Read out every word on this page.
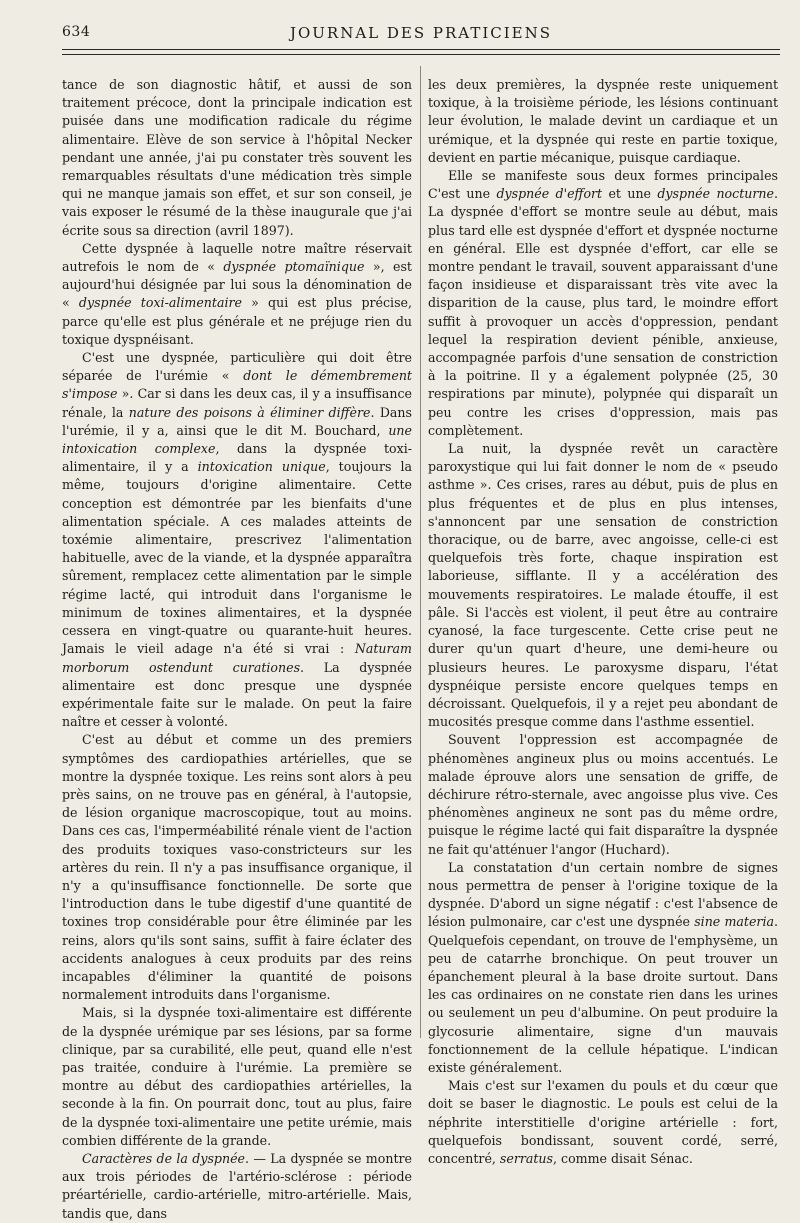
634	JOURNAL DES PRATICIENS

tance de son diagnostic hâtif, et aussi de son traitement précoce, dont la principale indication est puisée dans une modification radicale du régime alimentaire. Elève de son service à l'hôpital Necker pendant une année, j'ai pu constater très souvent les remarquables résultats d'une médication très simple qui ne manque jamais son effet, et sur son conseil, je vais exposer le résumé de la thèse inaugurale que j'ai écrite sous sa direction (avril 1897).

Cette dyspnée à laquelle notre maître réservait autrefois le nom de « dyspnée ptomaïnique », est aujourd'hui désignée par lui sous la dénomination de « dyspnée toxi-alimentaire » qui est plus précise, parce qu'elle est plus générale et ne préjuge rien du toxique dyspnéisant.

C'est une dyspnée, particulière qui doit être séparée de l'urémie « dont le démembrement s'impose ». Car si dans les deux cas, il y a insuffisance rénale, la nature des poisons à éliminer diffère. Dans l'urémie, il y a, ainsi que le dit M. Bouchard, une intoxication complexe, dans la dyspnée toxi-alimentaire, il y a intoxication unique, toujours la même, toujours d'origine alimentaire. Cette conception est démontrée par les bienfaits d'une alimentation spéciale. A ces malades atteints de toxémie alimentaire, prescrivez l'alimentation habituelle, avec de la viande, et la dyspnée apparaîtra sûrement, remplacez cette alimentation par le simple régime lacté, qui introduit dans l'organisme le minimum de toxines alimentaires, et la dyspnée cessera en vingt-quatre ou quarante-huit heures. Jamais le vieil adage n'a été si vrai : Naturam morborum ostendunt curationes. La dyspnée alimentaire est donc presque une dyspnée expérimentale faite sur le malade. On peut la faire naître et cesser à volonté.

C'est au début et comme un des premiers symptômes des cardiopathies artérielles, que se montre la dyspnée toxique. Les reins sont alors à peu près sains, on ne trouve pas en général, à l'autopsie, de lésion organique macroscopique, tout au moins. Dans ces cas, l'imperméabilité rénale vient de l'action des produits toxiques vaso-constricteurs sur les artères du rein. Il n'y a pas insuffisance organique, il n'y a qu'insuffisance fonctionnelle. De sorte que l'introduction dans le tube digestif d'une quantité de toxines trop considérable pour être éliminée par les reins, alors qu'ils sont sains, suffit à faire éclater des accidents analogues à ceux produits par des reins incapables d'éliminer la quantité de poisons normalement introduits dans l'organisme.

Mais, si la dyspnée toxi-alimentaire est différente de la dyspnée urémique par ses lésions, par sa forme clinique, par sa curabilité, elle peut, quand elle n'est pas traitée, conduire à l'urémie. La première se montre au début des cardiopathies artérielles, la seconde à la fin. On pourrait donc, tout au plus, faire de la dyspnée toxi-alimentaire une petite urémie, mais combien différente de la grande.

Caractères de la dyspnée. — La dyspnée se montre aux trois périodes de l'artério-sclérose : période préartérielle, cardio-artérielle, mitro-artérielle. Mais, tandis que, dans

les deux premières, la dyspnée reste uniquement toxique, à la troisième période, les lésions continuant leur évolution, le malade devint un cardiaque et un urémique, et la dyspnée qui reste en partie toxique, devient en partie mécanique, puisque cardiaque.

Elle se manifeste sous deux formes principales C'est une dyspnée d'effort et une dyspnée nocturne. La dyspnée d'effort se montre seule au début, mais plus tard elle est dyspnée d'effort et dyspnée nocturne en général. Elle est dyspnée d'effort, car elle se montre pendant le travail, souvent apparaissant d'une façon insidieuse et disparaissant très vite avec la disparition de la cause, plus tard, le moindre effort suffit à provoquer un accès d'oppression, pendant lequel la respiration devient pénible, anxieuse, accompagnée parfois d'une sensation de constriction à la poitrine. Il y a également polypnée (25, 30 respirations par minute), polypnée qui disparaît un peu contre les crises d'oppression, mais pas complètement.

La nuit, la dyspnée revêt un caractère paroxystique qui lui fait donner le nom de « pseudo asthme ». Ces crises, rares au début, puis de plus en plus fréquentes et de plus en plus intenses, s'annoncent par une sensation de constriction thoracique, ou de barre, avec angoisse, celle-ci est quelquefois très forte, chaque inspiration est laborieuse, sifflante. Il y a accélération des mouvements respiratoires. Le malade étouffe, il est pâle. Si l'accès est violent, il peut être au contraire cyanosé, la face turgescente. Cette crise peut ne durer qu'un quart d'heure, une demi-heure ou plusieurs heures. Le paroxysme disparu, l'état dyspnéique persiste encore quelques temps en décroissant. Quelquefois, il y a rejet peu abondant de mucosités presque comme dans l'asthme essentiel.

Souvent l'oppression est accompagnée de phénomènes angineux plus ou moins accentués. Le malade éprouve alors une sensation de griffe, de déchirure rétro-sternale, avec angoisse plus vive. Ces phénomènes angineux ne sont pas du même ordre, puisque le régime lacté qui fait disparaître la dyspnée ne fait qu'atténuer l'angor (Huchard).

La constatation d'un certain nombre de signes nous permettra de penser à l'origine toxique de la dyspnée. D'abord un signe négatif : c'est l'absence de lésion pulmonaire, car c'est une dyspnée sine materia. Quelquefois cependant, on trouve de l'emphysème, un peu de catarrhe bronchique. On peut trouver un épanchement pleural à la base droite surtout. Dans les cas ordinaires on ne constate rien dans les urines ou seulement un peu d'albumine. On peut produire la glycosurie alimentaire, signe d'un mauvais fonctionnement de la cellule hépatique. L'indican existe généralement.

Mais c'est sur l'examen du pouls et du cœur que doit se baser le diagnostic. Le pouls est celui de la néphrite interstitielle d'origine artérielle : fort, quelquefois bondissant, souvent cordé, serré, concentré, serratus, comme disait Sénac.
